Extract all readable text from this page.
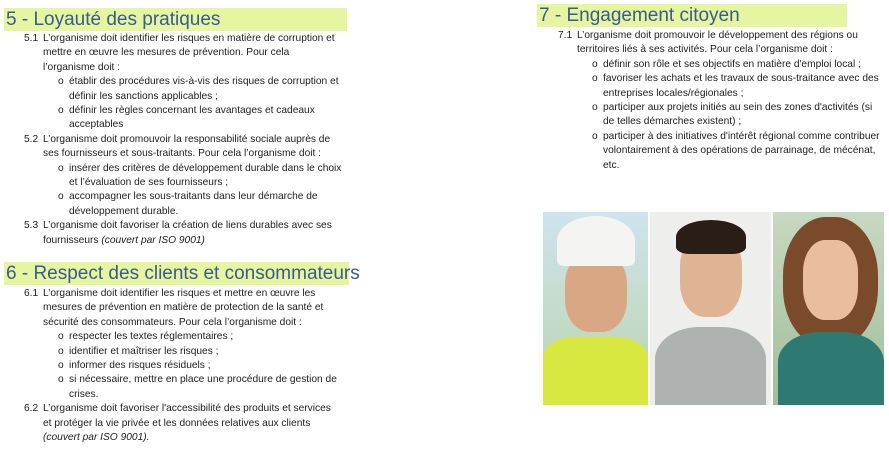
5 - Loyauté des pratiques
5.1 L’organisme doit identifier les risques en matière de corruption et mettre en œuvre les mesures de prévention. Pour cela l’organisme doit :
o établir des procédures vis-à-vis des risques de corruption et définir les sanctions applicables ;
o définir les règles concernant les avantages et cadeaux acceptables
5.2 L’organisme doit promouvoir la responsabilité sociale auprès de ses fournisseurs et sous-traitants. Pour cela l’organisme doit :
o insérer des critères de développement durable dans le choix et l’évaluation de ses fournisseurs ;
o accompagner les sous-traitants dans leur démarche de développement durable.
5.3 L’organisme doit favoriser la création de liens durables avec ses fournisseurs (couvert par ISO 9001)
6 - Respect des clients et consommateurs
6.1 L’organisme doit identifier les risques et mettre en œuvre les mesures de prévention en matière de protection de la santé et sécurité des consommateurs. Pour cela l’organisme doit :
o respecter les textes réglementaires ;
o identifier et maîtriser les risques ;
o informer des risques résiduels ;
o si nécessaire, mettre en place une procédure de gestion de crises.
6.2 L’organisme doit favoriser l'accessibilité des produits et services et protéger la vie privée et les données relatives aux clients (couvert par ISO 9001).
7 - Engagement citoyen
7.1 L’organisme doit promouvoir le développement des régions ou territoires liés à ses activités. Pour cela l’organisme doit :
o définir son rôle et ses objectifs en matière d'emploi local ;
o favoriser les achats et les travaux de sous-traitance avec des entreprises locales/régionales ;
o participer aux projets initiés au sein des zones d'activités (si de telles démarches existent) ;
o participer à des initiatives d'intérêt régional comme contribuer volontairement à des opérations de parrainage, de mécénat, etc.
